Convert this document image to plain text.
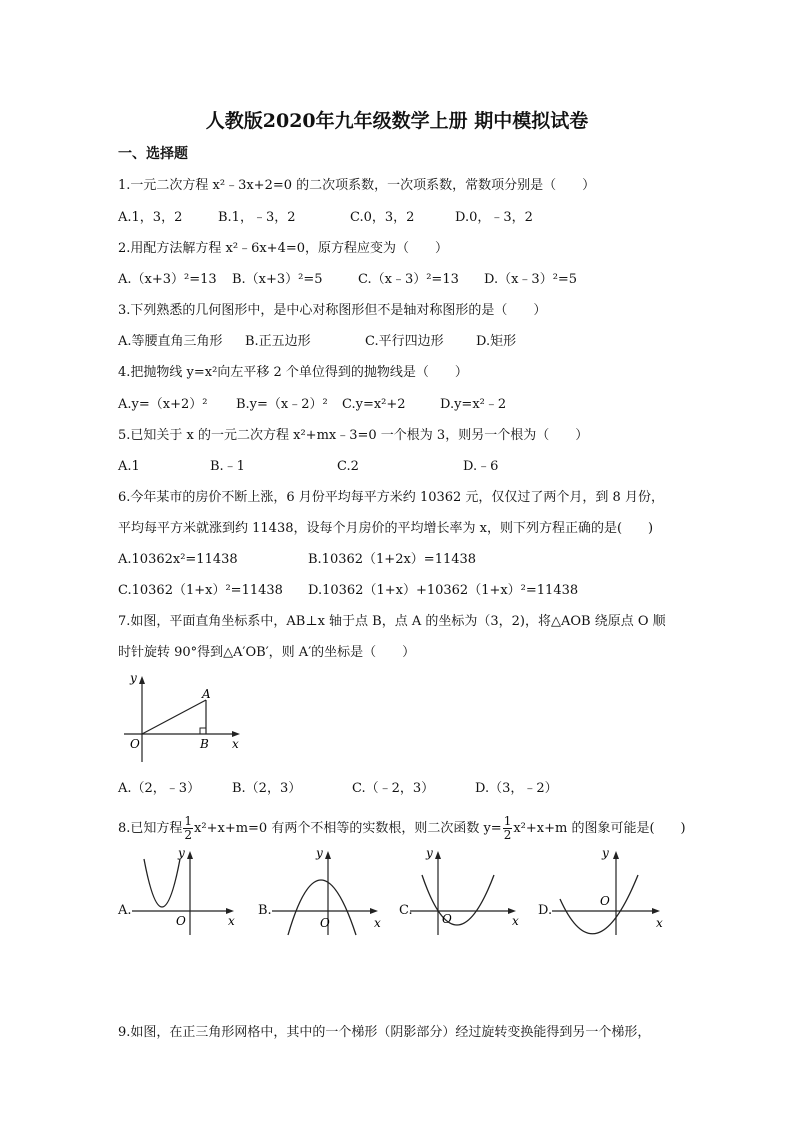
人教版2020年九年级数学上册 期中模拟试卷
一、选择题
1.一元二次方程 x²﹣3x+2=0 的二次项系数，一次项系数，常数项分别是（　　）
A.1，3，2	B.1，﹣3，2	C.0，3，2	D.0，﹣3，2
2.用配方法解方程 x²﹣6x+4=0，原方程应变为（　　）
A.（x+3）²=13 B.（x+3）²=5	C.（x﹣3）²=13 D.（x﹣3）²=5
3.下列熟悉的几何图形中，是中心对称图形但不是轴对称图形的是（　　）
A.等腰直角三角形 B.正五边形	C.平行四边形 D.矩形
4.把抛物线 y=x²向左平移 2 个单位得到的抛物线是（　　）
A.y=（x+2）² B.y=（x﹣2）² C.y=x²+2	D.y=x²﹣2
5.已知关于 x 的一元二次方程 x²+mx﹣3=0 一个根为 3，则另一个根为（　　）
A.1	B.﹣1	C.2	D.﹣6
6.今年某市的房价不断上涨，6 月份平均每平方米约 10362 元，仅仅过了两个月，到 8 月份，
平均每平方米就涨到约 11438，设每个月房价的平均增长率为 x，则下列方程正确的是(　　)
A.10362x²=11438	B.10362（1+2x）=11438
C.10362（1+x）²=11438 D.10362（1+x）+10362（1+x）²=11438
7.如图，平面直角坐标系中，AB⊥x 轴于点 B，点 A 的坐标为（3，2)，将△AOB 绕原点 O 顺
时针旋转 90°得到△A′OB′，则 A′的坐标是（　　）
y
x
O
A
B
A.（2，﹣3） B.（2，3）	C.（﹣2，3）	D.（3，﹣2）
8.已知方程 $\frac{1}{2} x^2+x+m=0$ 有两个不相等的实数根，则二次函数 $y= \frac{1}{2} x^2+x+m$ 的图象可能是(　　)
A.
y
x
O
B.
y
x
O
C.
y
x
O
D.
y
x
O
9.如图，在正三角形网格中，其中的一个梯形（阴影部分）经过旋转变换能得到另一个梯形，
